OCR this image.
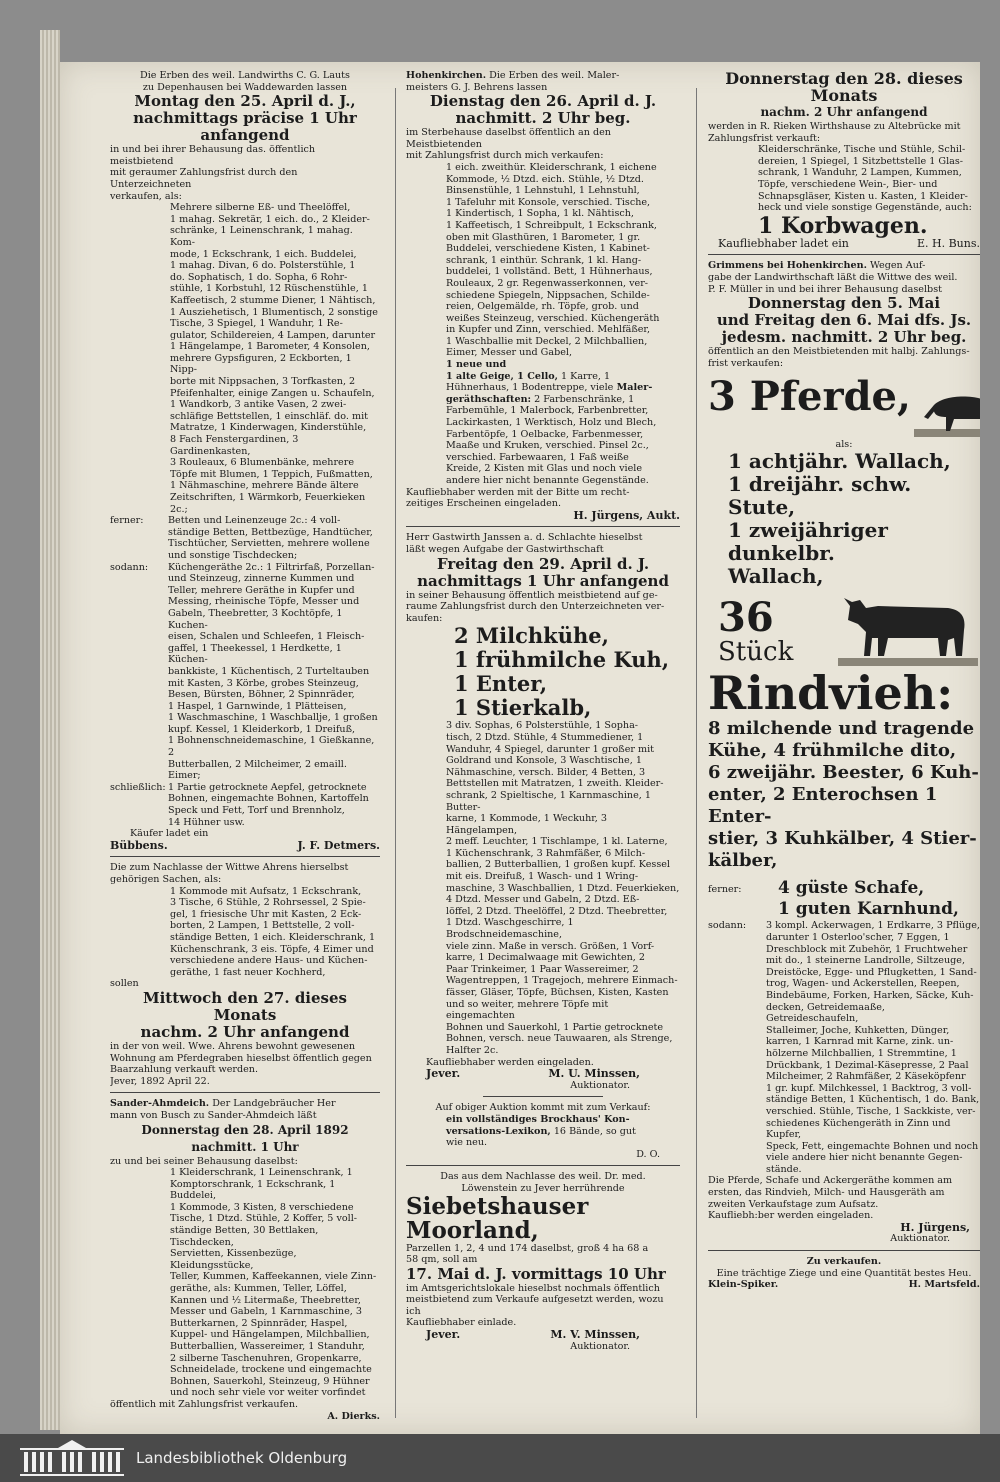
Die Erben des weil. Landwirths C. G. Lauts

zu Depenhausen bei Waddewarden lassen

Montag den 25. April d. J.,

nachmittags präcise 1 Uhr anfangend

in und bei ihrer Behausung das. öffentlich meistbietend

mit geraumer Zahlungsfrist durch den Unterzeichneten

verkaufen, als:

Mehrere silberne Eß- und Theelöffel,

1 mahag. Sekretär, 1 eich. do., 2 Kleider-

schränke, 1 Leinenschrank, 1 mahag. Kom-

mode, 1 Eckschrank, 1 eich. Buddelei,

1 mahag. Divan, 6 do. Polsterstühle, 1

do. Sophatisch, 1 do. Sopha, 6 Rohr-

stühle, 1 Korbstuhl, 12 Rüschenstühle, 1

Kaffeetisch, 2 stumme Diener, 1 Nähtisch,

1 Ausziehetisch, 1 Blumentisch, 2 sonstige

Tische, 3 Spiegel, 1 Wanduhr, 1 Re-

gulator, Schildereien, 4 Lampen, darunter

1 Hängelampe, 1 Barometer, 4 Konsolen,

mehrere Gypsfiguren, 2 Eckborten, 1 Nipp-

borte mit Nippsachen, 3 Torfkasten, 2

Pfeifenhalter, einige Zangen u. Schaufeln,

1 Wandkorb, 3 antike Vasen, 2 zwei-

schläfige Bettstellen, 1 einschläf. do. mit

Matratze, 1 Kinderwagen, Kinderstühle,

8 Fach Fenstergardinen, 3 Gardinenkasten,

3 Rouleaux, 6 Blumenbänke, mehrere

Töpfe mit Blumen, 1 Teppich, Fußmatten,

1 Nähmaschine, mehrere Bände ältere

Zeitschriften, 1 Wärmkorb, Feuerkieken 2c.;

ferner:	Betten und Leinenzeuge 2c.: 4 voll-

ständige Betten, Bettbezüge, Handtücher,

Tischtücher, Servietten, mehrere wollene

und sonstige Tischdecken;

sodann:	Küchengeräthe 2c.: 1 Filtrirfaß, Porzellan-

und Steinzeug, zinnerne Kummen und

Teller, mehrere Geräthe in Kupfer und

Messing, rheinische Töpfe, Messer und

Gabeln, Theebretter, 3 Kochtöpfe, 1 Kuchen-

eisen, Schalen und Schleefen, 1 Fleisch-

gaffel, 1 Theekessel, 1 Herdkette, 1 Küchen-

bankkiste, 1 Küchentisch, 2 Turteltauben

mit Kasten, 3 Körbe, grobes Steinzeug,

Besen, Bürsten, Böhner, 2 Spinnräder,

1 Haspel, 1 Garnwinde, 1 Plätteisen,

1 Waschmaschine, 1 Waschballje, 1 großen

kupf. Kessel, 1 Kleiderkorb, 1 Dreifuß,

1 Bohnenschneidemaschine, 1 Gießkanne, 2

Butterballen, 2 Milcheimer, 2 emaill. Eimer;

schließlich: 1 Partie getrocknete Aepfel, getrocknete

Bohnen, eingemachte Bohnen, Kartoffeln

Speck und Fett, Torf und Brennholz,

14 Hühner usw.

Käufer ladet ein

Bübbens.	J. F. Detmers.

Die zum Nachlasse der Wittwe Ahrens hierselbst

gehörigen Sachen, als:

1 Kommode mit Aufsatz, 1 Eckschrank,

3 Tische, 6 Stühle, 2 Rohrsessel, 2 Spie-

gel, 1 friesische Uhr mit Kasten, 2 Eck-

borten, 2 Lampen, 1 Bettstelle, 2 voll-

ständige Betten, 1 eich. Kleiderschrank, 1

Küchenschrank, 3 eis. Töpfe, 4 Eimer und

verschiedene andere Haus- und Küchen-

geräthe, 1 fast neuer Kochherd,

sollen

Mittwoch den 27. dieses Monats

nachm. 2 Uhr anfangend

in der von weil. Wwe. Ahrens bewohnt gewesenen

Wohnung am Pferdegraben hieselbst öffentlich gegen

Baarzahlung verkauft werden.

Jever, 1892 April 22.

Sander-Ahmdeich. Der Landgebräucher Her

mann von Busch zu Sander-Ahmdeich läßt

Donnerstag den 28. April 1892

nachmitt. 1 Uhr

zu und bei seiner Behausung daselbst:

1 Kleiderschrank, 1 Leinenschrank, 1

Komptorschrank, 1 Eckschrank, 1 Buddelei,

1 Kommode, 3 Kisten, 8 verschiedene

Tische, 1 Dtzd. Stühle, 2 Koffer, 5 voll-

ständige Betten, 30 Bettlaken, Tischdecken,

Servietten, Kissenbezüge, Kleidungsstücke,

Teller, Kummen, Kaffeekannen, viele Zinn-

geräthe, als: Kummen, Teller, Löffel,

Kannen und ½ Litermaße, Theebretter,

Messer und Gabeln, 1 Karnmaschine, 3

Butterkarnen, 2 Spinnräder, Haspel,

Kuppel- und Hängelampen, Milchballien,

Butterballien, Wassereimer, 1 Standuhr,

2 silberne Taschenuhren, Gropenkarre,

Schneidelade, trockene und eingemachte

Bohnen, Sauerkohl, Steinzeug, 9 Hühner

und noch sehr viele vor weiter vorfindet

öffentlich mit Zahlungsfrist verkaufen.

A. Dierks.

Hohenkirchen. Die Erben des weil. Maler-

meisters G. J. Behrens lassen

Dienstag den 26. April d. J.

nachmitt. 2 Uhr beg.

im Sterbehause daselbst öffentlich an den Meistbietenden

mit Zahlungsfrist durch mich verkaufen:

1 eich. zweithür. Kleiderschrank, 1 eichene

Kommode, ½ Dtzd. eich. Stühle, ½ Dtzd.

Binsenstühle, 1 Lehnstuhl, 1 Lehnstuhl,

1 Tafeluhr mit Konsole, verschied. Tische,

1 Kindertisch, 1 Sopha, 1 kl. Nähtisch,

1 Kaffeetisch, 1 Schreibpult, 1 Eckschrank,

oben mit Glasthüren, 1 Barometer, 1 gr.

Buddelei, verschiedene Kisten, 1 Kabinet-

schrank, 1 einthür. Schrank, 1 kl. Hang-

buddelei, 1 vollständ. Bett, 1 Hühnerhaus,

Rouleaux, 2 gr. Regenwasserkonnen, ver-

schiedene Spiegeln, Nippsachen, Schilde-

reien, Oelgemälde, rh. Töpfe, grob. und

weißes Steinzeug, verschied. Küchengeräth

in Kupfer und Zinn, verschied. Mehlfäßer,

1 Waschballie mit Deckel, 2 Milchballien,

Eimer, Messer und Gabel,

1 neue und

1 alte Geige, 1 Cello, 1 Karre, 1

Hühnerhaus, 1 Bodentreppe, viele Maler-

geräthschaften: 2 Farbenschränke, 1

Farbemühle, 1 Malerbock, Farbenbretter,

Lackirkasten, 1 Werktisch, Holz und Blech,

Farbentöpfe, 1 Oelbacke, Farbenmesser,

Maaße und Kruken, verschied. Pinsel 2c.,

verschied. Farbewaaren, 1 Faß weiße

Kreide, 2 Kisten mit Glas und noch viele

andere hier nicht benannte Gegenstände.

Kaufliebhaber werden mit der Bitte um recht-

zeitiges Erscheinen eingeladen.

H. Jürgens, Aukt.

Herr Gastwirth Janssen a. d. Schlachte hieselbst

läßt wegen Aufgabe der Gastwirthschaft

Freitag den 29. April d. J.

nachmittags 1 Uhr anfangend

in seiner Behausung öffentlich meistbietend auf ge-

raume Zahlungsfrist durch den Unterzeichneten ver-

kaufen:

2 Milchkühe,

1 frühmilche Kuh,

1 Enter,

1 Stierkalb,

3 div. Sophas, 6 Polsterstühle, 1 Sopha-

tisch, 2 Dtzd. Stühle, 4 Stummediener, 1

Wanduhr, 4 Spiegel, darunter 1 großer mit

Goldrand und Konsole, 3 Waschtische, 1

Nähmaschine, versch. Bilder, 4 Betten, 3

Bettstellen mit Matratzen, 1 zweith. Kleider-

schrank, 2 Spieltische, 1 Karnmaschine, 1 Butter-

karne, 1 Kommode, 1 Weckuhr, 3 Hängelampen,

2 meff. Leuchter, 1 Tischlampe, 1 kl. Laterne,

1 Küchenschrank, 3 Rahmfäßer, 6 Milch-

ballien, 2 Butterballien, 1 großen kupf. Kessel

mit eis. Dreifuß, 1 Wasch- und 1 Wring-

maschine, 3 Waschballien, 1 Dtzd. Feuerkieken,

4 Dtzd. Messer und Gabeln, 2 Dtzd. Eß-

löffel, 2 Dtzd. Theelöffel, 2 Dtzd. Theebretter,

1 Dtzd. Waschgeschirre, 1 Brodschneidemaschine,

viele zinn. Maße in versch. Größen, 1 Vorf-

karre, 1 Decimalwaage mit Gewichten, 2

Paar Trinkeimer, 1 Paar Wassereimer, 2

Wagentreppen, 1 Tragejoch, mehrere Einmach-

fässer, Gläser, Töpfe, Büchsen, Kisten, Kasten

und so weiter, mehrere Töpfe mit eingemachten

Bohnen und Sauerkohl, 1 Partie getrocknete

Bohnen, versch. neue Tauwaaren, als Strenge,

Halfter 2c.

Kaufliebhaber werden eingeladen.

Jever.	M. U. Minssen,

Auktionator.

Auf obiger Auktion kommt mit zum Verkauf:

ein vollständiges Brockhaus' Kon-

versations-Lexikon, 16 Bände, so gut

wie neu.

D. O.

Das aus dem Nachlasse des weil. Dr. med.

Löwenstein zu Jever herrührende

Siebetshauser Moorland,

Parzellen 1, 2, 4 und 174 daselbst, groß 4 ha 68 a

58 qm, soll am

17. Mai d. J. vormittags 10 Uhr

im Amtsgerichtslokale hieselbst nochmals öffentlich

meistbietend zum Verkaufe aufgesetzt werden, wozu ich

Kaufliebhaber einlade.

Jever.	M. V. Minssen,

Auktionator.

Donnerstag den 28. dieses Monats

nachm. 2 Uhr anfangend

werden in R. Rieken Wirthshause zu Altebrücke mit

Zahlungsfrist verkauft:

Kleiderschränke, Tische und Stühle, Schil-

dereien, 1 Spiegel, 1 Sitzbettstelle 1 Glas-

schrank, 1 Wanduhr, 2 Lampen, Kummen,

Töpfe, verschiedene Wein-, Bier- und

Schnapsgläser, Kisten u. Kasten, 1 Kleider-

heck und viele sonstige Gegenstände, auch:

1 Korbwagen.

Kaufliebhaber ladet ein	E. H. Buns.

Grimmens bei Hohenkirchen. Wegen Auf-

gabe der Landwirthschaft läßt die Wittwe des weil.

P. F. Müller in und bei ihrer Behausung daselbst

Donnerstag den 5. Mai

und Freitag den 6. Mai dfs. Js.

jedesm. nachmitt. 2 Uhr beg.

öffentlich an den Meistbietenden mit halbj. Zahlungs-

frist verkaufen:

3 Pferde,

als:

1 achtjähr. Wallach,

1 dreijähr. schw. Stute,

1 zweijähriger dunkelbr.

Wallach,

36

Stück

Rindvieh:

8 milchende und tragende

Kühe, 4 frühmilche dito,

6 zweijähr. Beester, 6 Kuh-

enter, 2 Enterochsen 1 Enter-

stier, 3 Kuhkälber, 4 Stier-

kälber,

ferner:	4 güste Schafe,

1 guten Karnhund,

sodann:	3 kompl. Ackerwagen, 1 Erdkarre, 3 Pflüge,

darunter 1 Osterloo'scher, 7 Eggen, 1

Dreschblock mit Zubehör, 1 Fruchtweher

mit do., 1 steinerne Landrolle, Siltzeuge,

Dreistöcke, Egge- und Pflugketten, 1 Sand-

trog, Wagen- und Ackerstellen, Reepen,

Bindebäume, Forken, Harken, Säcke, Kuh-

decken, Getreidemaaße, Getreideschaufeln,

Stalleimer, Joche, Kuhketten, Dünger,

karren, 1 Karnrad mit Karne, zink. un-

hölzerne Milchballien, 1 Stremmtine, 1

Drückbank, 1 Dezimal-Käsepresse, 2 Paal

Milcheimer, 2 Rahmfäßer, 2 Käseköpfenr

1 gr. kupf. Milchkessel, 1 Backtrog, 3 voll-

ständige Betten, 1 Küchentisch, 1 do. Bank,

verschied. Stühle, Tische, 1 Sackkiste, ver-

schiedenes Küchengeräth in Zinn und Kupfer,

Speck, Fett, eingemachte Bohnen und noch

viele andere hier nicht benannte Gegen-

stände.

Die Pferde, Schafe und Ackergeräthe kommen am

ersten, das Rindvieh, Milch- und Hausgeräth am

zweiten Verkaufstage zum Aufsatz.

Kaufliebh:ber werden eingeladen.

H. Jürgens,

Auktionator.

Zu verkaufen.

Eine trächtige Ziege und eine Quantität bestes Heu.

Klein-Spiker.	H. Martsfeld.
Landesbibliothek Oldenburg
